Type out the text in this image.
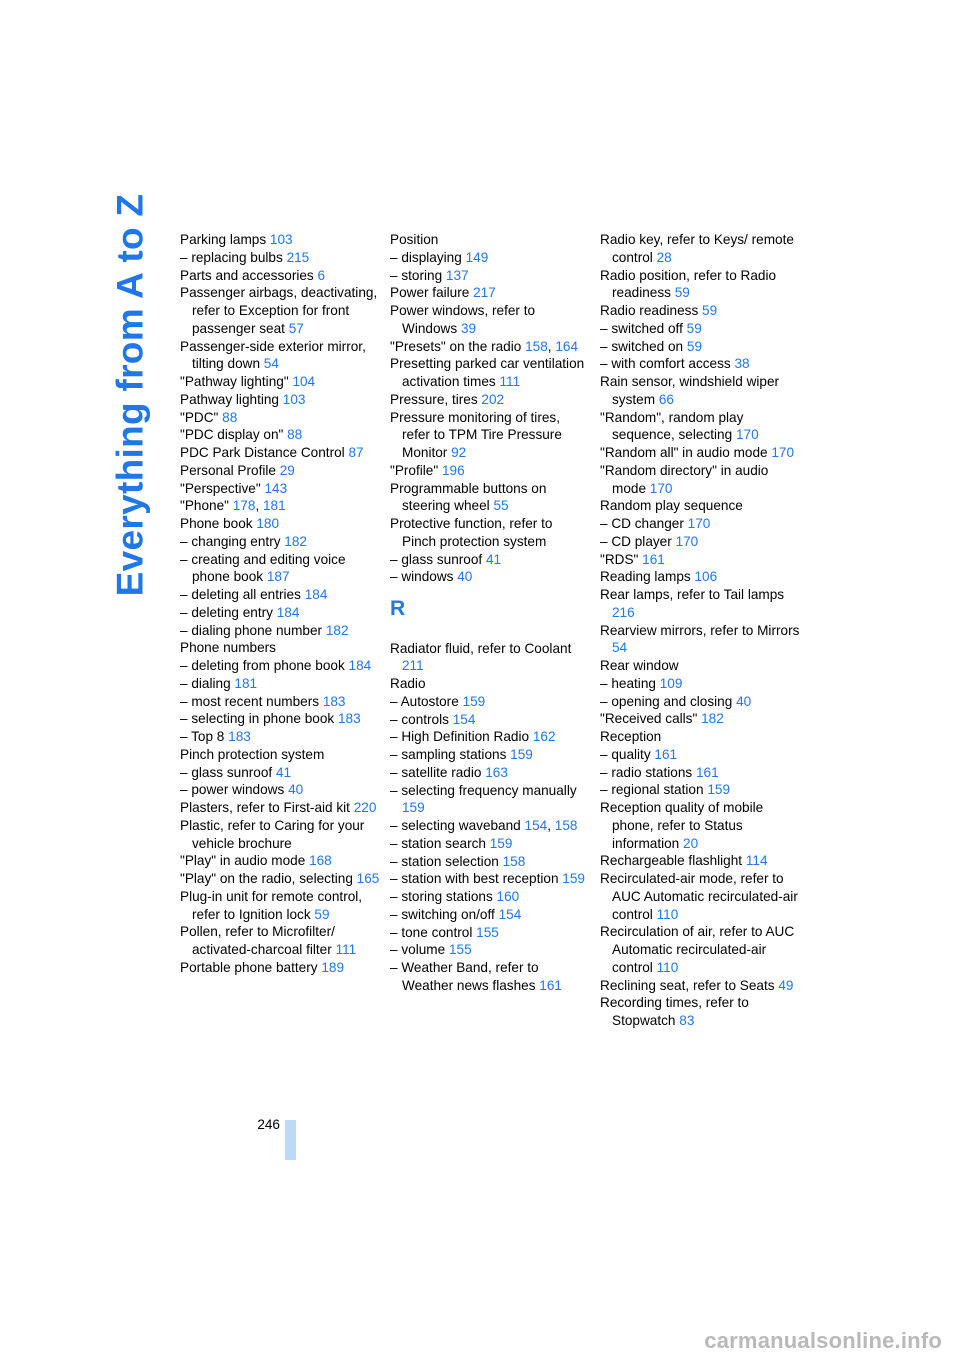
Everything from A to Z Parking lamps 103
– replacing bulbs 215
Parts and accessories 6
Passenger airbags, deactivating, refer to Exception for front passenger seat 57
Passenger-side exterior mirror, tilting down 54
"Pathway lighting" 104
Pathway lighting 103
"PDC" 88
"PDC display on" 88
PDC Park Distance Control 87
Personal Profile 29
"Perspective" 143
"Phone" 178, 181
Phone book 180
– changing entry 182
– creating and editing voice phone book 187
– deleting all entries 184
– deleting entry 184
– dialing phone number 182
Phone numbers
– deleting from phone book 184
– dialing 181
– most recent numbers 183
– selecting in phone book 183
– Top 8 183
Pinch protection system
– glass sunroof 41
– power windows 40
Plasters, refer to First-aid kit 220
Plastic, refer to Caring for your vehicle brochure
"Play" in audio mode 168
"Play" on the radio, selecting 165
Plug-in unit for remote control, refer to Ignition lock 59
Pollen, refer to Microfilter/ activated-charcoal filter 111
Portable phone battery 189
Position
– displaying 149
– storing 137
Power failure 217
Power windows, refer to Windows 39
"Presets" on the radio 158, 164
Presetting parked car ventilation activation times 111
Pressure, tires 202
Pressure monitoring of tires, refer to TPM Tire Pressure Monitor 92
"Profile" 196
Programmable buttons on steering wheel 55
Protective function, refer to Pinch protection system
– glass sunroof 41
– windows 40
R
Radiator fluid, refer to Coolant 211
Radio
– Autostore 159
– controls 154
– High Definition Radio 162
– sampling stations 159
– satellite radio 163
– selecting frequency manually 159
– selecting waveband 154, 158
– station search 159
– station selection 158
– station with best reception 159
– storing stations 160
– switching on/off 154
– tone control 155
– volume 155
– Weather Band, refer to Weather news flashes 161
Radio key, refer to Keys/ remote control 28
Radio position, refer to Radio readiness 59
Radio readiness 59
– switched off 59
– switched on 59
– with comfort access 38
Rain sensor, windshield wiper system 66
"Random", random play sequence, selecting 170
"Random all" in audio mode 170
"Random directory" in audio mode 170
Random play sequence
– CD changer 170
– CD player 170
"RDS" 161
Reading lamps 106
Rear lamps, refer to Tail lamps 216
Rearview mirrors, refer to Mirrors 54
Rear window
– heating 109
– opening and closing 40
"Received calls" 182
Reception
– quality 161
– radio stations 161
– regional station 159
Reception quality of mobile phone, refer to Status information 20
Rechargeable flashlight 114
Recirculated-air mode, refer to AUC Automatic recirculated-air control 110
Recirculation of air, refer to AUC Automatic recirculated-air control 110
Reclining seat, refer to Seats 49
Recording times, refer to Stopwatch 83
246
carmanualsonline.info
